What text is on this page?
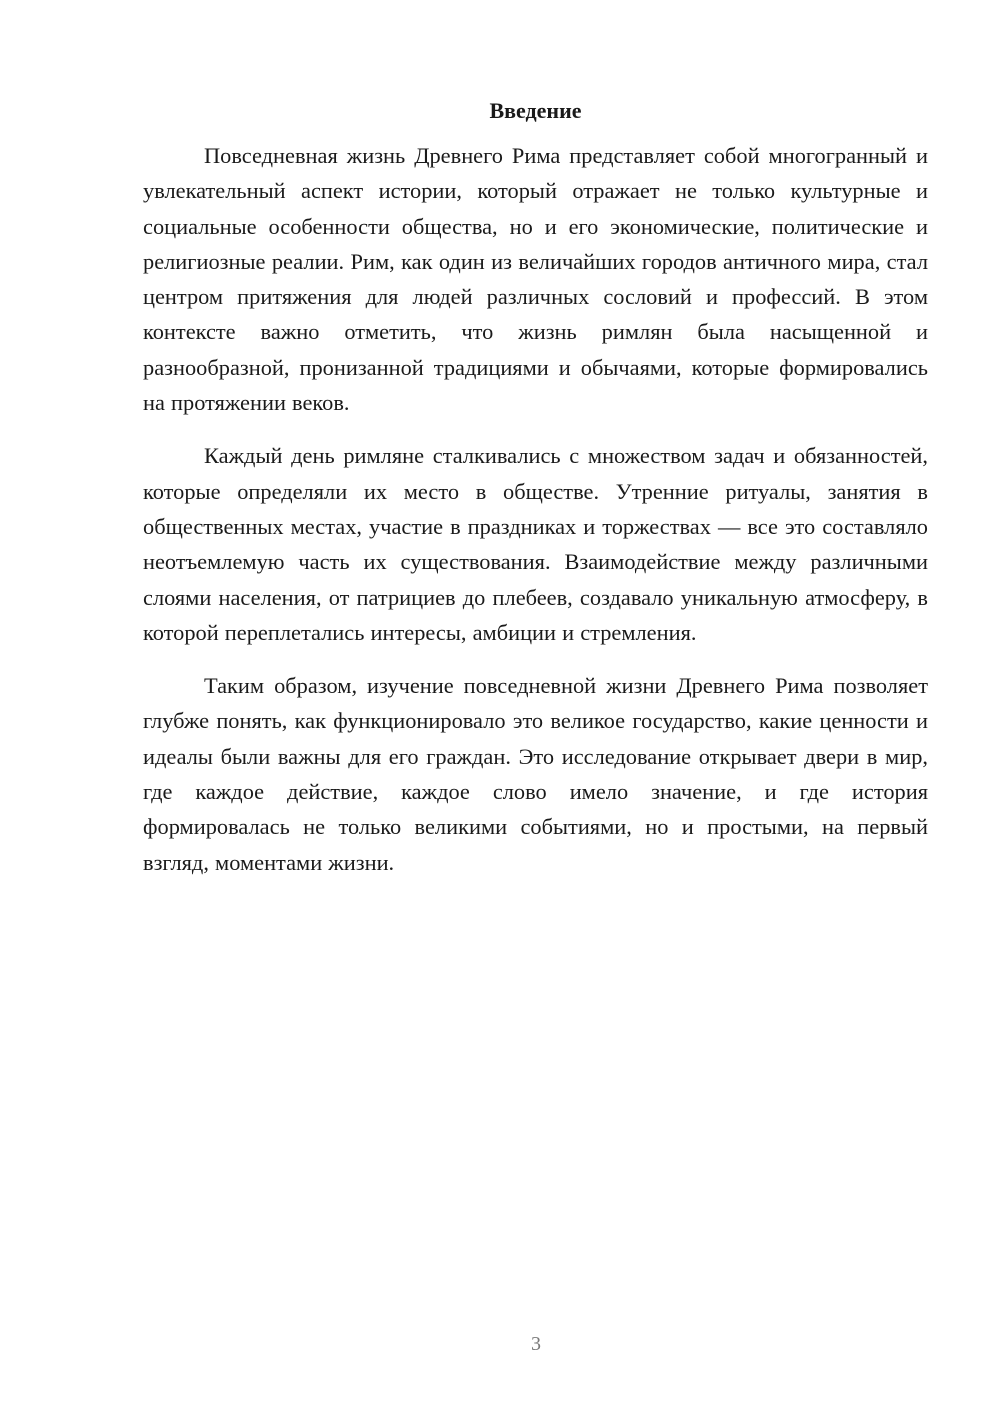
Введение

Повседневная жизнь Древнего Рима представляет собой многогранный и увлекательный аспект истории, который отражает не только культурные и социальные особенности общества, но и его экономические, политические и религиозные реалии. Рим, как один из величайших городов античного мира, стал центром притяжения для людей различных сословий и профессий. В этом контексте важно отметить, что жизнь римлян была насыщенной и разнообразной, пронизанной традициями и обычаями, которые формировались на протяжении веков.

Каждый день римляне сталкивались с множеством задач и обязанностей, которые определяли их место в обществе. Утренние ритуалы, занятия в общественных местах, участие в праздниках и торжествах — все это составляло неотъемлемую часть их существования. Взаимодействие между различными слоями населения, от патрициев до плебеев, создавало уникальную атмосферу, в которой переплетались интересы, амбиции и стремления.

Таким образом, изучение повседневной жизни Древнего Рима позволяет глубже понять, как функционировало это великое государство, какие ценности и идеалы были важны для его граждан. Это исследование открывает двери в мир, где каждое действие, каждое слово имело значение, и где история формировалась не только великими событиями, но и простыми, на первый взгляд, моментами жизни.

3
